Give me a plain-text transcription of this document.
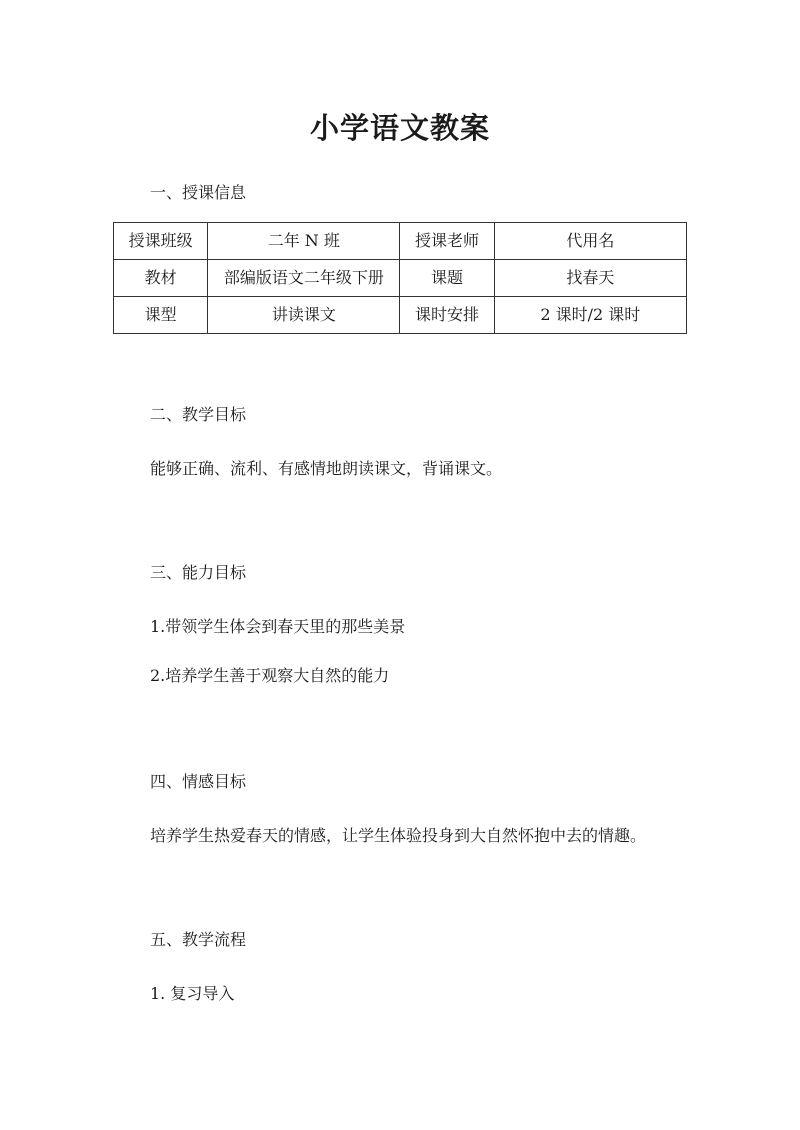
小学语文教案
一、授课信息
授课班级	二年 N 班	授课老师	代用名
教材	部编版语文二年级下册	课题	找春天
课型	讲读课文	课时安排	2 课时/2 课时
二、教学目标
能够正确、流利、有感情地朗读课文，背诵课文。
三、能力目标
1.带领学生体会到春天里的那些美景
2.培养学生善于观察大自然的能力
四、情感目标
培养学生热爱春天的情感，让学生体验投身到大自然怀抱中去的情趣。
五、教学流程
1. 复习导入
